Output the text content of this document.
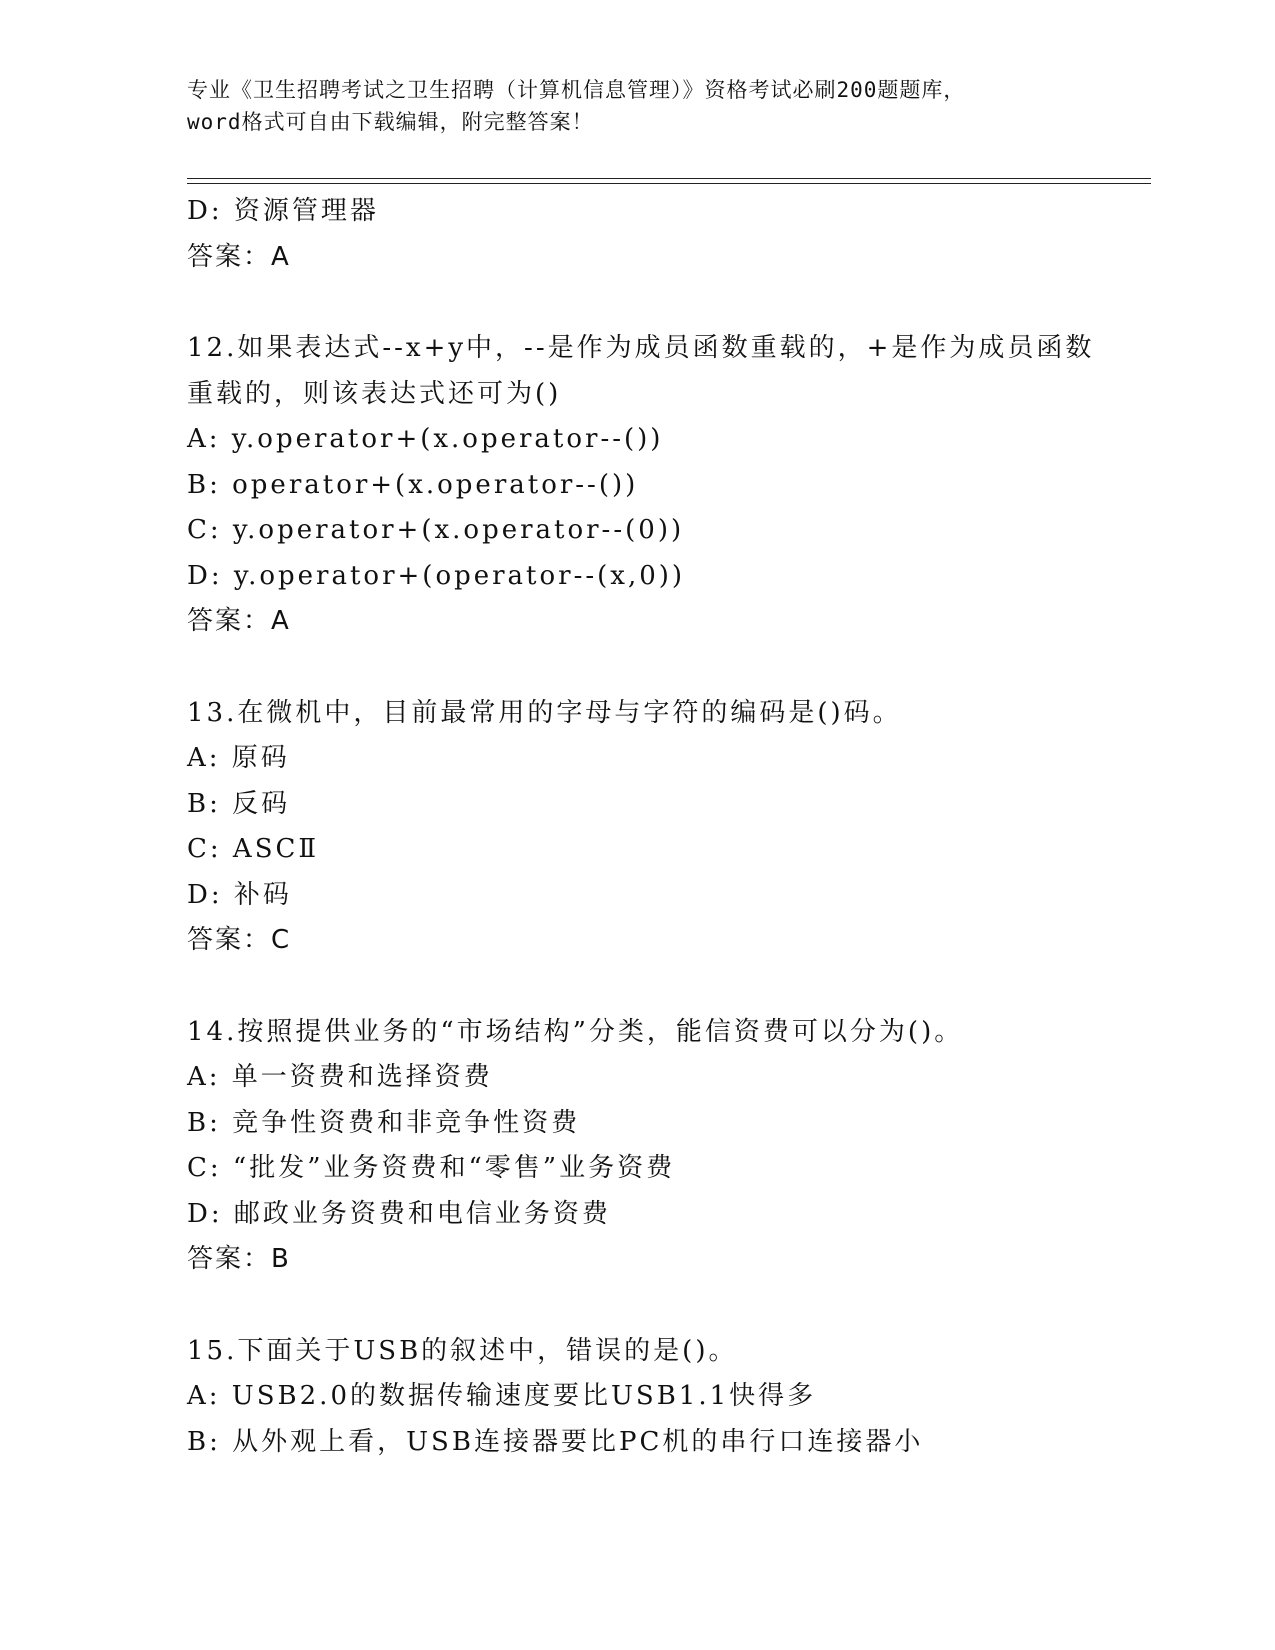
专业《卫生招聘考试之卫生招聘（计算机信息管理）》资格考试必刷200题题库，
word格式可自由下载编辑，附完整答案！
D: 资源管理器
答案：A
12.如果表达式--x+y中，--是作为成员函数重载的，+是作为成员函数
重载的，则该表达式还可为()
A: y.operator+(x.operator--())
B: operator+(x.operator--())
C: y.operator+(x.operator--(0))
D: y.operator+(operator--(x,0))
答案：A
13.在微机中，目前最常用的字母与字符的编码是()码。
A: 原码
B: 反码
C: ASCⅡ
D: 补码
答案：C
14.按照提供业务的“市场结构”分类，能信资费可以分为()。
A: 单一资费和选择资费
B: 竞争性资费和非竞争性资费
C: “批发”业务资费和“零售”业务资费
D: 邮政业务资费和电信业务资费
答案：B
15.下面关于USB的叙述中，错误的是()。
A: USB2.0的数据传输速度要比USB1.1快得多
B: 从外观上看，USB连接器要比PC机的串行口连接器小
